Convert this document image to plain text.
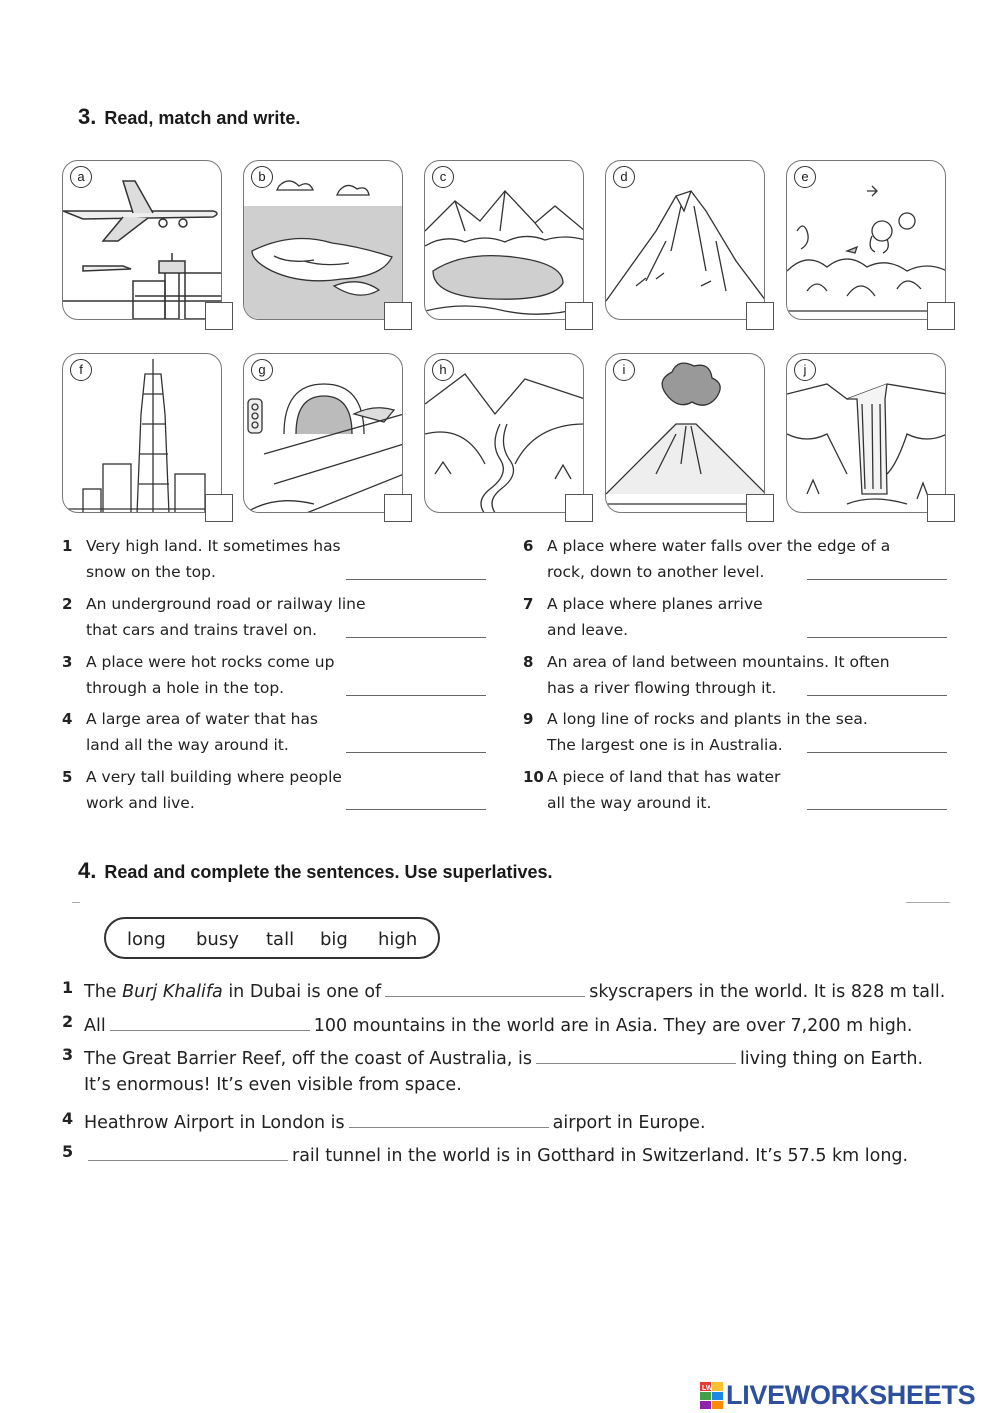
3. Read, match and write.
a	b	c	d	e
f	g	h	i	j
1 Very high land. It sometimes has
snow on the top.
2 An underground road or railway line
that cars and trains travel on.
3 A place were hot rocks come up
through a hole in the top.
4 A large area of water that has
land all the way around it.
5 A very tall building where people
work and live.
6 A place where water falls over the edge of a
rock, down to another level.
7 A place where planes arrive
and leave.
8 An area of land between mountains. It often
has a river flowing through it.
9 A long line of rocks and plants in the sea.
The largest one is in Australia.
10 A piece of land that has water
all the way around it.
4. Read and complete the sentences. Use superlatives.
long busy tall big high
1 The Burj Khalifa in Dubai is one of	skyscrapers in the world. It is 828 m tall.
2 All	100 mountains in the world are in Asia. They are over 7,200 m high.
3 The Great Barrier Reef, off the coast of Australia, is	living thing on Earth.
It’s enormous! It’s even visible from space.
4 Heathrow Airport in London is	airport in Europe.
5	rail tunnel in the world is in Gotthard in Switzerland. It’s 57.5 km long.
LW LIVEWORKSHEETS
